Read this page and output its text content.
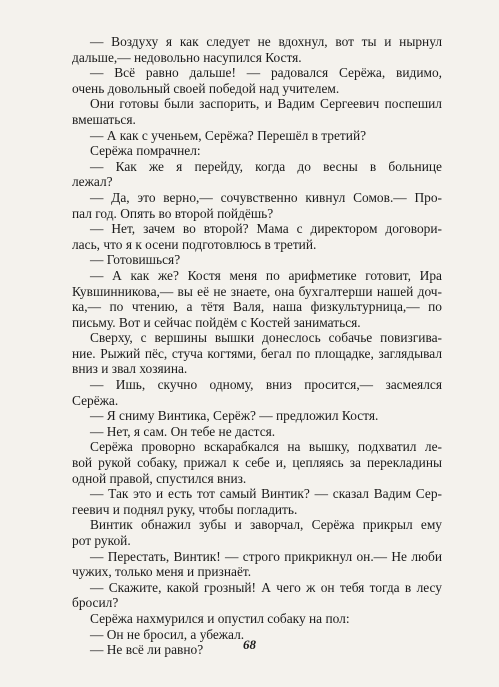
— Воздуху я как следует не вдохнул, вот ты и нырнул
дальше,— недовольно насупился Костя.
— Всё равно дальше! — радовался Серёжа, видимо,
очень довольный своей победой над учителем.
Они готовы были заспорить, и Вадим Сергеевич поспешил
вмешаться.
— А как с ученьем, Серёжа? Перешёл в третий?
Серёжа помрачнел:
— Как же я перейду, когда до весны в больнице
лежал?
— Да, это верно,— сочувственно кивнул Сомов.— Про-
пал год. Опять во второй пойдёшь?
— Нет, зачем во второй? Мама с директором договори-
лась, что я к осени подготовлюсь в третий.
— Готовишься?
— А как же? Костя меня по арифметике готовит, Ира
Кувшинникова,— вы её не знаете, она бухгалтерши нашей доч-
ка,— по чтению, а тётя Валя, наша физкультурница,— по
письму. Вот и сейчас пойдём с Костей заниматься.
Сверху, с вершины вышки донеслось собачье повизгива-
ние. Рыжий пёс, стуча когтями, бегал по площадке, заглядывал
вниз и звал хозяина.
— Ишь, скучно одному, вниз просится,— засмеялся
Серёжа.
— Я сниму Винтика, Серёж? — предложил Костя.
— Нет, я сам. Он тебе не дастся.
Серёжа проворно вскарабкался на вышку, подхватил ле-
вой рукой собаку, прижал к себе и, цепляясь за перекладины
одной правой, спустился вниз.
— Так это и есть тот самый Винтик? — сказал Вадим Сер-
геевич и поднял руку, чтобы погладить.
Винтик обнажил зубы и заворчал, Серёжа прикрыл ему
рот рукой.
— Перестать, Винтик! — строго прикрикнул он.— Не люби
чужих, только меня и признаёт.
— Скажите, какой грозный! А чего ж он тебя тогда в лесу
бросил?
Серёжа нахмурился и опустил собаку на пол:
— Он не бросил, а убежал.
— Не всё ли равно?	68
